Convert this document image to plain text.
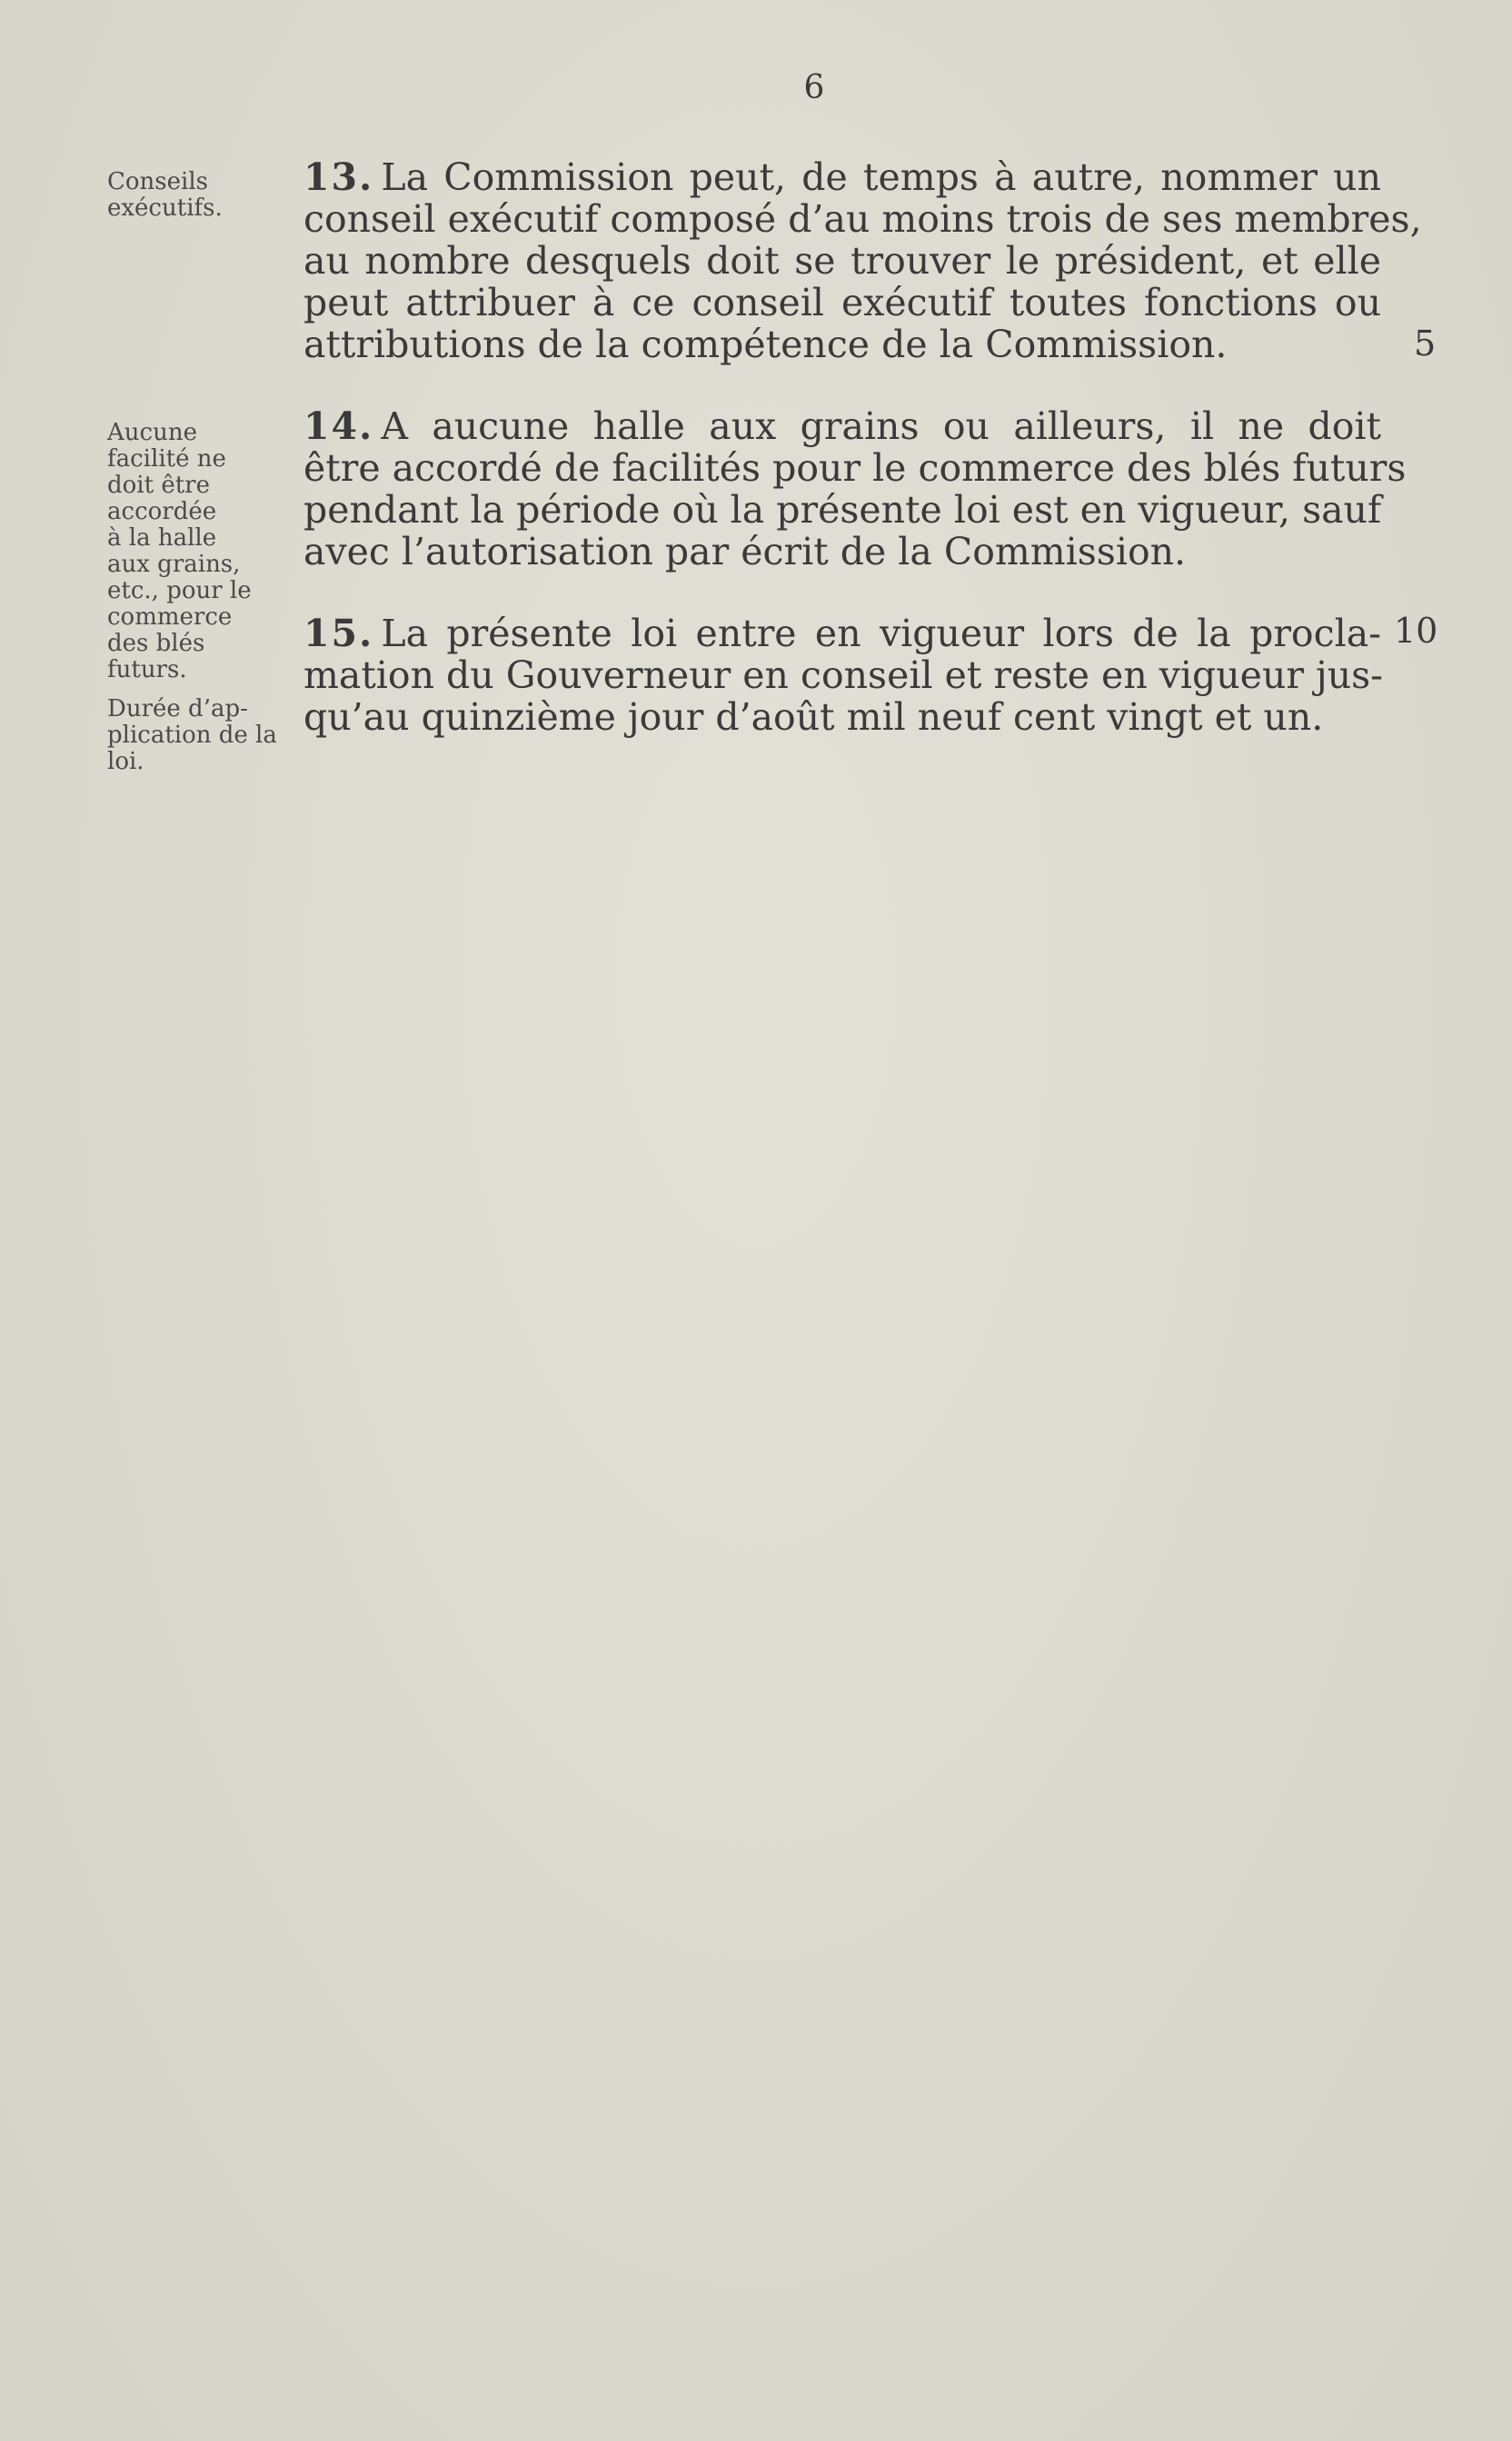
6
Conseils
exécutifs.
Aucune
facilité ne
doit être
accordée
à la halle
aux grains,
etc., pour le
commerce
des blés
futurs.
Durée d’ap-
plication de la
loi.
13. La Commission peut, de temps à autre, nommer un
conseil exécutif composé d’au moins trois de ses membres,
au nombre desquels doit se trouver le président, et elle
peut attribuer à ce conseil exécutif toutes fonctions ou
attributions de la compétence de la Commission.
14. A aucune halle aux grains ou ailleurs, il ne doit
être accordé de facilités pour le commerce des blés futurs
pendant la période où la présente loi est en vigueur, sauf
avec l’autorisation par écrit de la Commission.
15. La présente loi entre en vigueur lors de la procla-
mation du Gouverneur en conseil et reste en vigueur jus-
qu’au quinzième jour d’août mil neuf cent vingt et un.
5
10
